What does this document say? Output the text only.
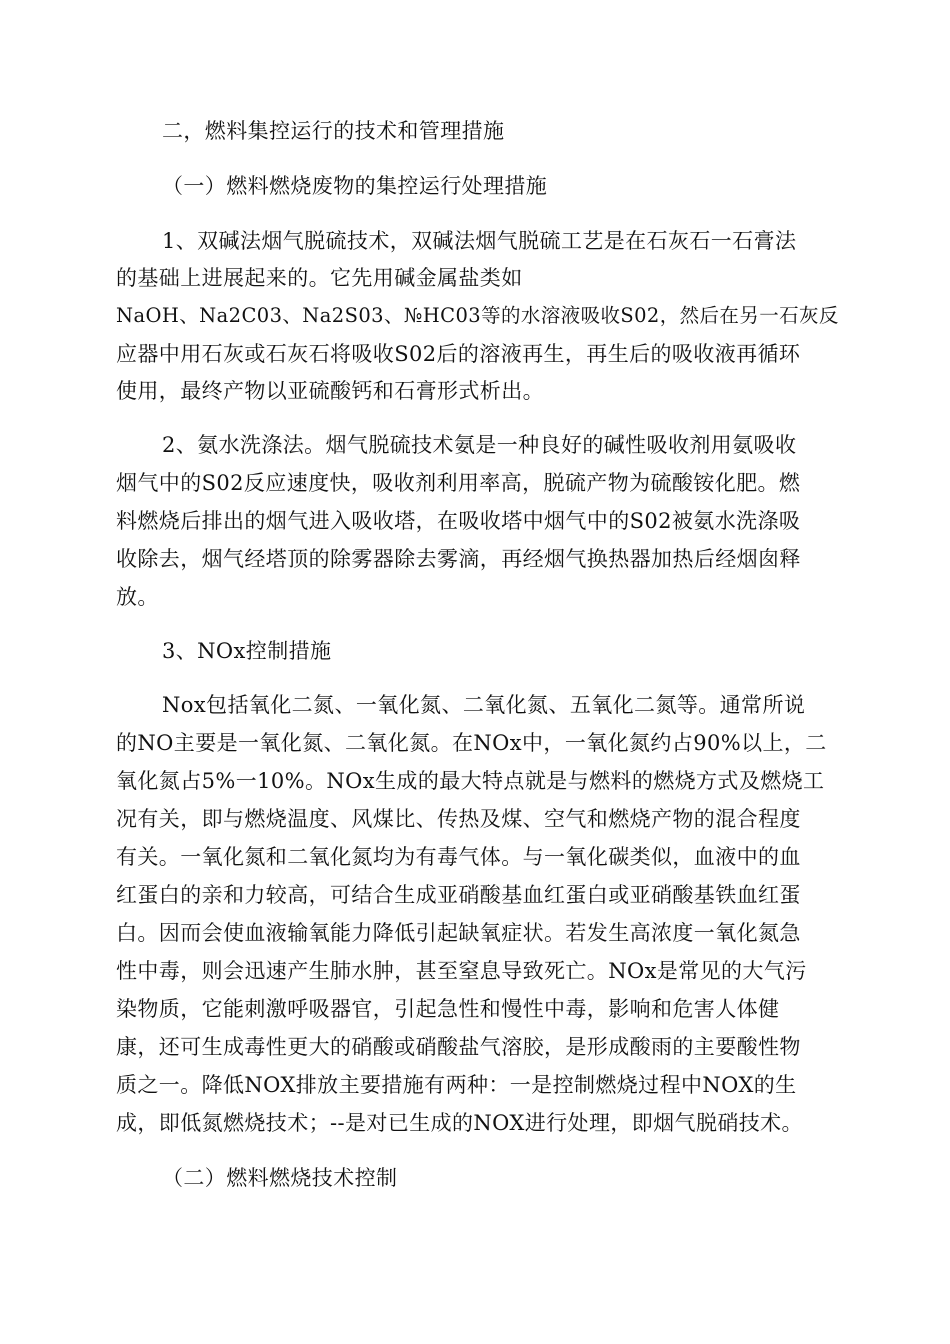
二，燃料集控运行的技术和管理措施

（一）燃料燃烧废物的集控运行处理措施

1、双碱法烟气脱硫技术，双碱法烟气脱硫工艺是在石灰石一石膏法

的基础上进展起来的。它先用碱金属盐类如

NaOH、Na2C03、Na2S03、№HC03等的水溶液吸收S02，然后在另一石灰反

应器中用石灰或石灰石将吸收S02后的溶液再生，再生后的吸收液再循环

使用，最终产物以亚硫酸钙和石膏形式析出。

2、氨水洗涤法。烟气脱硫技术氨是一种良好的碱性吸收剂用氨吸收

烟气中的S02反应速度快，吸收剂利用率高，脱硫产物为硫酸铵化肥。燃

料燃烧后排出的烟气进入吸收塔，在吸收塔中烟气中的S02被氨水洗涤吸

收除去，烟气经塔顶的除雾器除去雾滴，再经烟气换热器加热后经烟囱释

放。

3、NOx控制措施

Nox包括氧化二氮、一氧化氮、二氧化氮、五氧化二氮等。通常所说

的NO主要是一氧化氮、二氧化氮。在NOx中，一氧化氮约占90%以上，二

氧化氮占5%一10%。NOx生成的最大特点就是与燃料的燃烧方式及燃烧工

况有关，即与燃烧温度、风煤比、传热及煤、空气和燃烧产物的混合程度

有关。一氧化氮和二氧化氮均为有毒气体。与一氧化碳类似，血液中的血

红蛋白的亲和力较高，可结合生成亚硝酸基血红蛋白或亚硝酸基铁血红蛋

白。因而会使血液输氧能力降低引起缺氧症状。若发生高浓度一氧化氮急

性中毒，则会迅速产生肺水肿，甚至窒息导致死亡。NOx是常见的大气污

染物质，它能刺激呼吸器官，引起急性和慢性中毒，影响和危害人体健

康，还可生成毒性更大的硝酸或硝酸盐气溶胶，是形成酸雨的主要酸性物

质之一。降低NOX排放主要措施有两种：一是控制燃烧过程中NOX的生

成，即低氮燃烧技术；--是对已生成的NOX进行处理，即烟气脱硝技术。

（二）燃料燃烧技术控制
